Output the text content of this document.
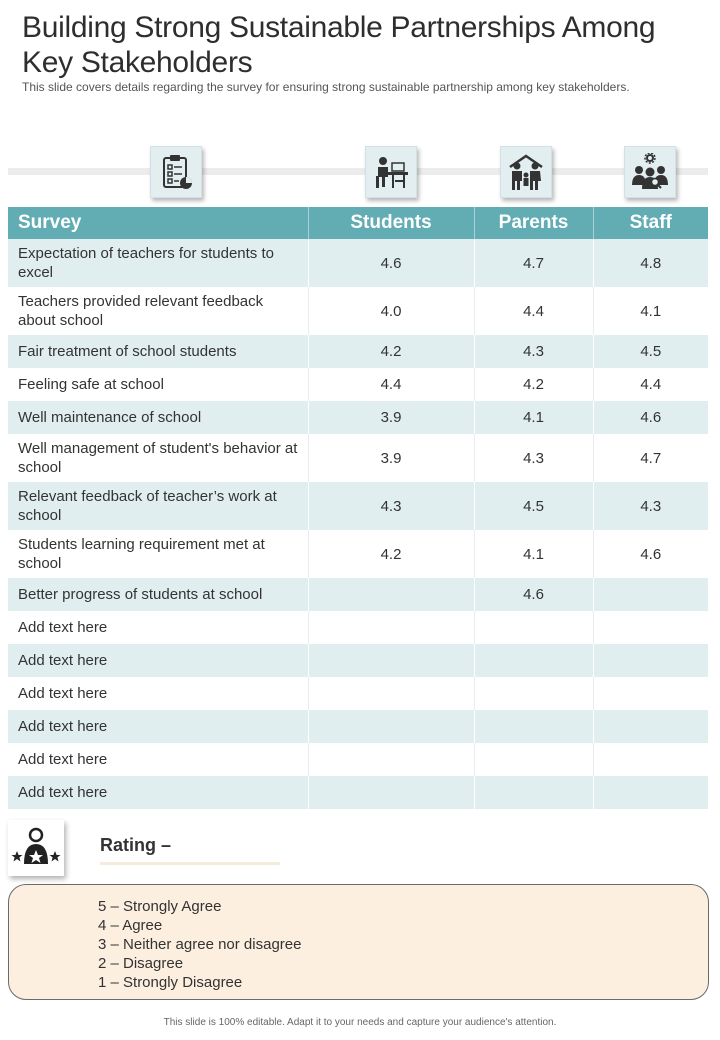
Building Strong Sustainable Partnerships Among Key Stakeholders

This slide covers details regarding the survey for ensuring strong sustainable partnership among key stakeholders.

Survey	Students	Parents	Staff
Expectation of teachers for students to excel	4.6	4.7	4.8
Teachers provided relevant feedback about school	4.0	4.4	4.1
Fair treatment of school students	4.2	4.3	4.5
Feeling safe at school	4.4	4.2	4.4
Well maintenance of school	3.9	4.1	4.6
Well management of student's behavior at school	3.9	4.3	4.7
Relevant feedback of teacher’s work at school	4.3	4.5	4.3
Students learning requirement met at school	4.2	4.1	4.6
Better progress of students at school		4.6	
Add text here			
Add text here			
Add text here			
Add text here			
Add text here			
Add text here			
Rating –
5 – Strongly Agree
4 – Agree
3 – Neither agree nor disagree
2 – Disagree
1 – Strongly Disagree
This slide is 100% editable. Adapt it to your needs and capture your audience's attention.
